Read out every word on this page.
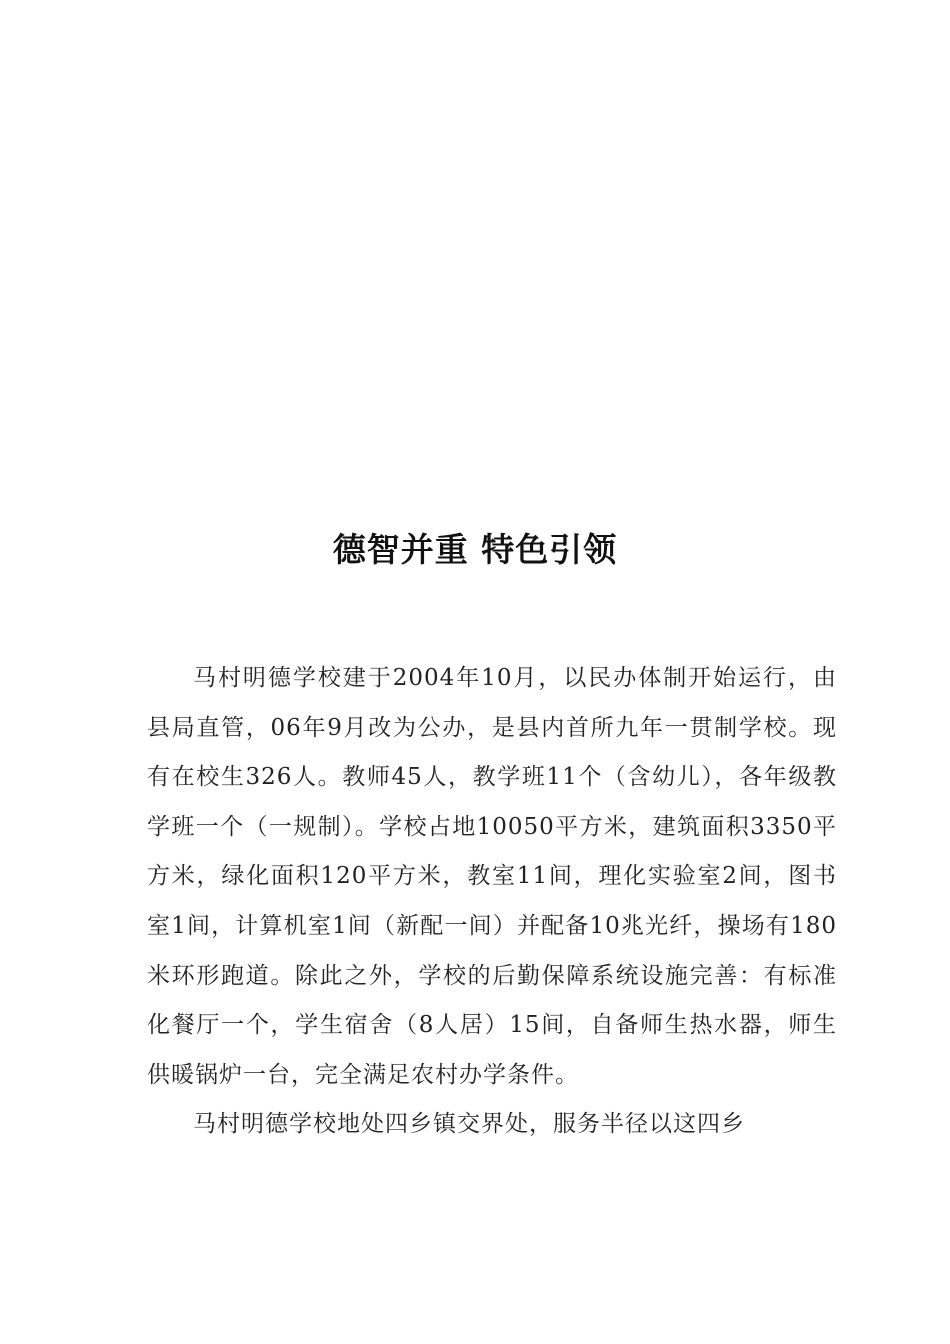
德智并重 特色引领

马村明德学校建于2004年10月，以民办体制开始运行，由县局直管，06年9月改为公办，是县内首所九年一贯制学校。现有在校生326人。教师45人，教学班11个（含幼儿），各年级教学班一个（一规制）。学校占地10050平方米，建筑面积3350平方米，绿化面积120平方米，教室11间，理化实验室2间，图书室1间，计算机室1间（新配一间）并配备10兆光纤，操场有180米环形跑道。除此之外，学校的后勤保障系统设施完善：有标准化餐厅一个，学生宿舍（8人居）15间，自备师生热水器，师生供暖锅炉一台，完全满足农村办学条件。

马村明德学校地处四乡镇交界处，服务半径以这四乡
